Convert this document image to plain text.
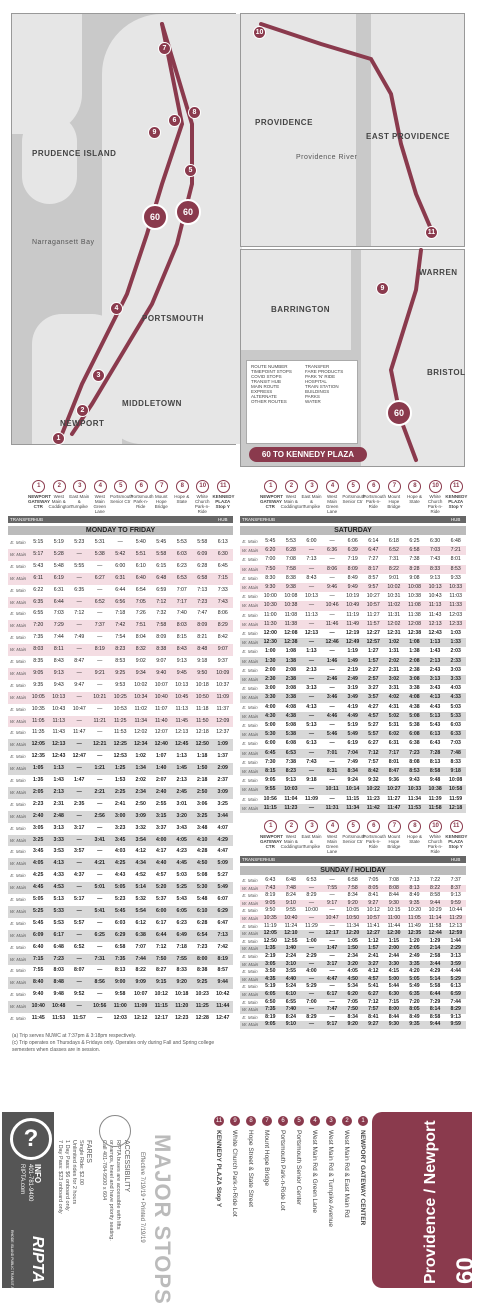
60	60
7
8
6
5
9
4
3
2
1
PRUDENCE ISLAND
PORTSMOUTH
MIDDLETOWN
NEWPORT
Narragansett Bay
10
11
PROVIDENCE
EAST PROVIDENCE
Providence River
9
60
BARRINGTON
WARREN
BRISTOL
ROUTE NUMBER
TIMEPOINT STOPS
COVID STOPS
TRANSIT HUB
MAIN ROUTE
EXPRESS
ALTERNATE
OTHER ROUTES
TRANSFER
FARE PRODUCTS
PARK 'N' RIDE
HOSPITAL
TRAIN STATION
BUILDINGS
PARKS
WATER
60 TO KENNEDY PLAZA
1	2	3	4	5	6	7	8	10	11
NEWPORT GATEWAY CTR
West Main & Coddington
East Main & Turnpike
West Main Green Lane
Portsmouth Senior Ctr
Portsmouth Park-n-Ride
Mount Hope Bridge
Hope & State
White Church Park-n-Ride
KENNEDY PLAZA Stop Y
TRANSFER HUB	HUB
MONDAY TO FRIDAY
E. Main	5:15	5:19	5:23	5:31	—	5:40	5:45	5:53	5:58	6:13
W. Main	5:17	5:28	—	5:38	5:42	5:51	5:58	6:03	6:09	6:30
E. Main	5:43	5:48	5:55	—	6:00	6:10	6:15	6:23	6:28	6:45
W. Main	6:11	6:19	—	6:27	6:31	6:40	6:48	6:53	6:58	7:15
E. Main	6:22	6:31	6:35	—	6:44	6:54	6:59	7:07	7:13	7:33
W. Main	6:35	6:44	—	6:52	6:56	7:05	7:12	7:17	7:23	7:43
E. Main	6:55	7:03	7:12	—	7:18	7:26	7:32	7:40	7:47	8:06
W. Main	7:20	7:29	—	7:37	7:42	7:51	7:58	8:03	8:09	8:29
E. Main	7:35	7:44	7:49	—	7:54	8:04	8:09	8:15	8:21	8:42
W. Main	8:03	8:11	—	8:19	8:23	8:32	8:38	8:43	8:48	9:07
E. Main	8:35	8:43	8:47	—	8:53	9:02	9:07	9:13	9:18	9:37
W. Main	9:05	9:13	—	9:21	9:25	9:34	9:40	9:45	9:50	10:09
E. Main	9:35	9:43	9:47	—	9:53	10:02	10:07	10:13	10:18	10:37
W. Main	10:05	10:13	—	10:21	10:25	10:34	10:40	10:45	10:50	11:09
E. Main	10:35	10:43	10:47	—	10:53	11:02	11:07	11:13	11:18	11:37
W. Main	11:05	11:13	—	11:21	11:25	11:34	11:40	11:45	11:50	12:09
E. Main	11:35	11:43	11:47	—	11:53	12:02	12:07	12:13	12:18	12:37
W. Main	12:05	12:13	—	12:21	12:25	12:34	12:40	12:45	12:50	1:09
E. Main	12:35	12:43	12:47	—	12:53	1:02	1:07	1:13	1:18	1:37
W. Main	1:05	1:13	—	1:21	1:25	1:34	1:40	1:45	1:50	2:09
E. Main	1:35	1:43	1:47	—	1:53	2:02	2:07	2:13	2:18	2:37
W. Main	2:05	2:13	—	2:21	2:25	2:34	2:40	2:45	2:50	3:09
E. Main	2:23	2:31	2:35	—	2:41	2:50	2:55	3:01	3:06	3:25
W. Main	2:40	2:48	—	2:56	3:00	3:09	3:15	3:20	3:25	3:44
E. Main	3:05	3:13	3:17	—	3:23	3:32	3:37	3:43	3:48	4:07
W. Main	3:25	3:33	—	3:41	3:45	3:54	4:00	4:05	4:10	4:29
E. Main	3:45	3:53	3:57	—	4:03	4:12	4:17	4:23	4:28	4:47
W. Main	4:05	4:13	—	4:21	4:25	4:34	4:40	4:45	4:50	5:09
E. Main	4:25	4:33	4:37	—	4:43	4:52	4:57	5:03	5:08	5:27
W. Main	4:45	4:53	—	5:01	5:05	5:14	5:20	5:25	5:30	5:49
E. Main	5:05	5:13	5:17	—	5:23	5:32	5:37	5:43	5:48	6:07
W. Main	5:25	5:33	—	5:41	5:45	5:54	6:00	6:05	6:10	6:29
E. Main	5:45	5:53	5:57	—	6:03	6:12	6:17	6:23	6:28	6:47
W. Main	6:09	6:17	—	6:25	6:29	6:38	6:44	6:49	6:54	7:13
E. Main	6:40	6:48	6:52	—	6:58	7:07	7:12	7:18	7:23	7:42
W. Main	7:15	7:23	—	7:31	7:35	7:44	7:50	7:55	8:00	8:19
E. Main	7:55	8:03	8:07	—	8:13	8:22	8:27	8:33	8:38	8:57
W. Main	8:40	8:48	—	8:56	9:00	9:09	9:15	9:20	9:25	9:44
E. Main	9:40	9:48	9:52	—	9:58	10:07	10:12	10:18	10:23	10:42
W. Main	10:40	10:48	—	10:56	11:00	11:09	11:15	11:20	11:25	11:44
E. Main	11:45	11:53	11:57	—	12:03	12:12	12:17	12:23	12:28	12:47
1	2	3	4	5	6	7	8	10	11
NEWPORT GATEWAY CTR
West Main & Coddington
East Main & Turnpike
West Main Green Lane
Portsmouth Senior Ctr
Portsmouth Park-n-Ride
Mount Hope Bridge
Hope & State
White Church Park-n-Ride
KENNEDY PLAZA Stop Y
TRANSFER HUB	HUB
SATURDAY
E. Main	5:45	5:53	6:00	—	6:06	6:14	6:18	6:25	6:30	6:48
W. Main	6:20	6:28	—	6:36	6:39	6:47	6:52	6:58	7:03	7:21
E. Main	7:00	7:08	7:13	—	7:19	7:27	7:31	7:38	7:43	8:01
W. Main	7:50	7:58	—	8:06	8:09	8:17	8:22	8:28	8:33	8:53
E. Main	8:30	8:38	8:43	—	8:49	8:57	9:01	9:08	9:13	9:33
W. Main	9:30	9:38	—	9:46	9:49	9:57	10:02	10:08	10:13	10:33
E. Main	10:00	10:08	10:13	—	10:19	10:27	10:31	10:38	10:43	11:03
W. Main	10:30	10:38	—	10:46	10:49	10:57	11:02	11:08	11:13	11:33
E. Main	11:00	11:08	11:13	—	11:19	11:27	11:31	11:38	11:43	12:03
W. Main	11:30	11:38	—	11:46	11:49	11:57	12:02	12:08	12:13	12:33
E. Main	12:00	12:08	12:13	—	12:19	12:27	12:31	12:38	12:43	1:03
W. Main	12:30	12:38	—	12:46	12:49	12:57	1:02	1:08	1:13	1:33
E. Main	1:00	1:08	1:13	—	1:19	1:27	1:31	1:38	1:43	2:03
W. Main	1:30	1:38	—	1:46	1:49	1:57	2:02	2:08	2:13	2:33
E. Main	2:00	2:08	2:13	—	2:19	2:27	2:31	2:38	2:43	3:03
W. Main	2:30	2:38	—	2:46	2:49	2:57	3:02	3:08	3:13	3:33
E. Main	3:00	3:08	3:13	—	3:19	3:27	3:31	3:38	3:43	4:03
W. Main	3:30	3:38	—	3:46	3:49	3:57	4:02	4:08	4:13	4:33
E. Main	4:00	4:08	4:13	—	4:19	4:27	4:31	4:38	4:43	5:03
W. Main	4:30	4:38	—	4:46	4:49	4:57	5:02	5:08	5:13	5:33
E. Main	5:00	5:08	5:13	—	5:19	5:27	5:31	5:38	5:43	6:03
W. Main	5:30	5:38	—	5:46	5:49	5:57	6:02	6:08	6:13	6:33
E. Main	6:00	6:08	6:13	—	6:19	6:27	6:31	6:38	6:43	7:03
W. Main	6:45	6:53	—	7:01	7:04	7:12	7:17	7:23	7:28	7:48
E. Main	7:30	7:38	7:43	—	7:49	7:57	8:01	8:08	8:13	8:33
W. Main	8:15	8:23	—	8:31	8:34	8:42	8:47	8:53	8:58	9:18
E. Main	9:05	9:13	9:18	—	9:24	9:32	9:36	9:43	9:48	10:08
W. Main	9:55	10:03	—	10:11	10:14	10:22	10:27	10:33	10:38	10:58
E. Main	10:56	11:04	11:09	—	11:15	11:23	11:27	11:34	11:39	11:59
W. Main	11:15	11:23	—	11:31	11:34	11:42	11:47	11:53	11:58	12:18
1	2	3	4	5	6	7	8	10	11
NEWPORT GATEWAY CTR
West Main & Coddington
East Main & Turnpike
West Main Green Lane
Portsmouth Senior Ctr
Portsmouth Park-n-Ride
Mount Hope Bridge
Hope & State
White Church Park-n-Ride
KENNEDY PLAZA Stop Y
TRANSFER HUB	HUB
SUNDAY / HOLIDAY
E. Main	6:43	6:48	6:53	—	6:58	7:05	7:08	7:13	7:22	7:37
W. Main	7:43	7:48	—	7:55	7:58	8:05	8:08	8:13	8:22	8:37
E. Main	8:19	8:24	8:29	—	8:34	8:41	8:44	8:49	8:58	9:13
W. Main	9:05	9:10	—	9:17	9:20	9:27	9:30	9:35	9:44	9:59
E. Main	9:50	9:55	10:00	—	10:05	10:12	10:15	10:20	10:29	10:44
W. Main	10:35	10:40	—	10:47	10:50	10:57	11:00	11:05	11:14	11:29
E. Main	11:19	11:24	11:29	—	11:34	11:41	11:44	11:49	11:58	12:13
W. Main	12:05	12:10	—	12:17	12:20	12:27	12:30	12:35	12:44	12:59
E. Main	12:50	12:55	1:00	—	1:05	1:12	1:15	1:20	1:29	1:44
W. Main	1:35	1:40	—	1:47	1:50	1:57	2:00	2:05	2:14	2:29
E. Main	2:19	2:24	2:29	—	2:34	2:41	2:44	2:49	2:58	3:13
W. Main	3:05	3:10	—	3:17	3:20	3:27	3:30	3:35	3:44	3:59
E. Main	3:50	3:55	4:00	—	4:05	4:12	4:15	4:20	4:29	4:44
W. Main	4:35	4:40	—	4:47	4:50	4:57	5:00	5:05	5:14	5:29
E. Main	5:19	5:24	5:29	—	5:34	5:41	5:44	5:49	5:58	6:13
W. Main	6:05	6:10	—	6:17	6:20	6:27	6:30	6:35	6:44	6:59
E. Main	6:50	6:55	7:00	—	7:05	7:12	7:15	7:20	7:29	7:44
W. Main	7:35	7:40	—	7:47	7:50	7:57	8:00	8:05	8:14	8:29
E. Main	8:19	8:24	8:29	—	8:34	8:41	8:44	8:49	8:58	9:13
W. Main	9:05	9:10	—	9:17	9:20	9:27	9:30	9:35	9:44	9:59
(a) Trip serves NUWC at 7:37pm & 3:18pm respectively.
(c) Trip operates on Thursdays & Fridays only. Operates only during Fall and Spring college semesters when classes are in session.
60
Providence / Newport
MAJOR STOPS
Effective 7/19/19 • Printed 7/19/19
ACCESSIBILITY
RIPTA buses are accessible with lifts
or ramps, kneel and have priority seating.
Call 401-784-9500 x 604
FARES
Single Ride: $2.00
Unlimited rides for 2 hours
1 Day Pass: $6 onboard only
7 Day Pass: $23 onboard only
?
INFO
401-781-9400
RIPTA.com
RIPTA
RHODE ISLAND PUBLIC TRANSIT AUTHORITY
1
NEWPORT GATEWAY CENTER
2
West Main Rd & East Main Rd
3
West Main Rd & Turnpike Avenue
4
West Main Rd & Green Lane
5
Portsmouth Senior Center
6
Portsmouth Park-n-Ride Lot
7
Mount Hope Bridge
8
Hope Street & State Street
9
White Church Park-n-Ride Lot
11
KENNEDY PLAZA Stop Y
